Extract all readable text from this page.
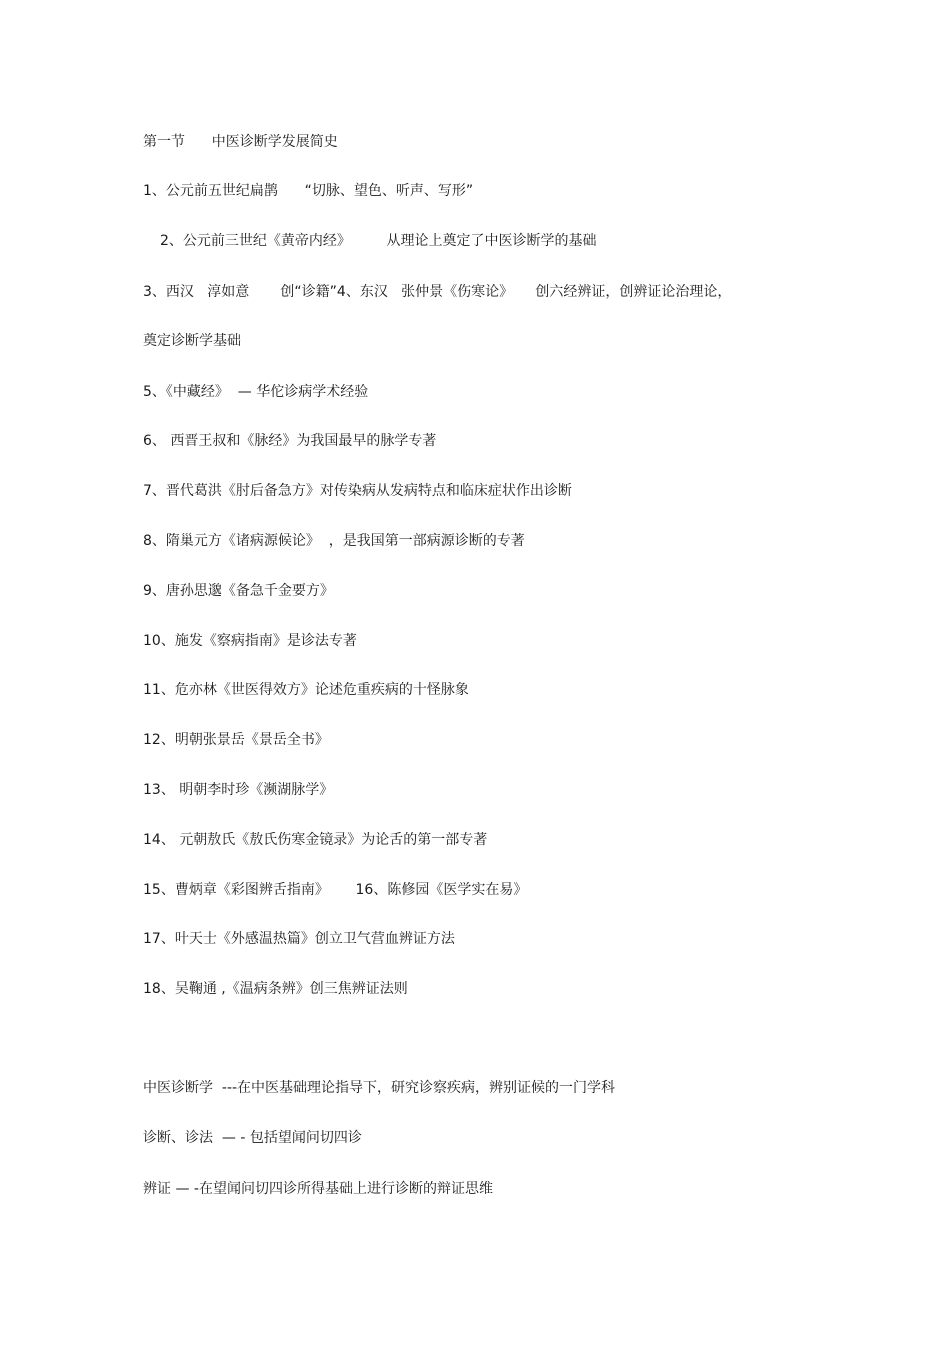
第一节      中医诊断学发展简史
1、公元前五世纪扁鹊      “切脉、望色、听声、写形”
2、公元前三世纪《黄帝内经》        从理论上奠定了中医诊断学的基础
3、西汉   淳如意       创“诊籍”4、东汉   张仲景《伤寒论》     创六经辨证，创辨证论治理论，
奠定诊断学基础
5、《中藏经》  — 华佗诊病学术经验
6、 西晋王叔和《脉经》为我国最早的脉学专著
7、晋代葛洪《肘后备急方》对传染病从发病特点和临床症状作出诊断
8、隋巢元方《诸病源候论》  ，是我国第一部病源诊断的专著
9、唐孙思邈《备急千金要方》
10、施发《察病指南》是诊法专著
11、危亦林《世医得效方》论述危重疾病的十怪脉象
12、明朝张景岳《景岳全书》
13、 明朝李时珍《濒湖脉学》
14、 元朝敖氏《敖氏伤寒金镜录》为论舌的第一部专著
15、曹炳章《彩图辨舌指南》      16、陈修园《医学实在易》
17、叶天士《外感温热篇》创立卫气营血辨证方法
18、吴鞠通 ,《温病条辨》创三焦辨证法则
中医诊断学  ---在中医基础理论指导下，研究诊察疾病，辨别证候的一门学科
诊断、诊法  — - 包括望闻问切四诊
辨证 — -在望闻问切四诊所得基础上进行诊断的辩证思维
